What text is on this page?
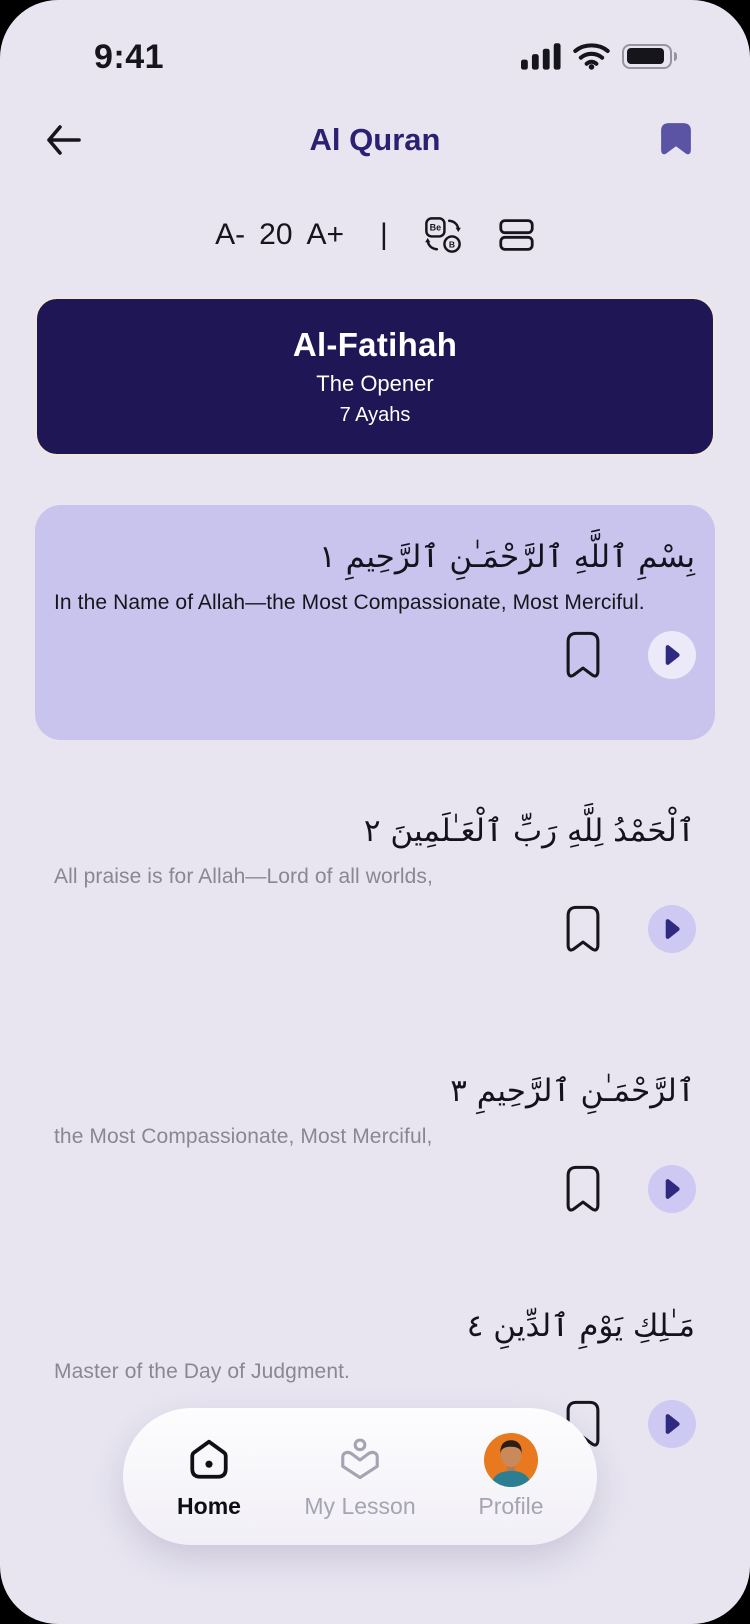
9:41
Al Quran
A- 20 A+ |	Be
B
Al-Fatihah
The Opener
7 Ayahs
بِسْمِ ٱللَّهِ ٱلرَّحْمَـٰنِ ٱلرَّحِيمِ ١
In the Name of Allah—the Most Compassionate, Most Merciful.
ٱلْحَمْدُ لِلَّهِ رَبِّ ٱلْعَـٰلَمِينَ ٢
All praise is for Allah—Lord of all worlds,
ٱلرَّحْمَـٰنِ ٱلرَّحِيمِ ٣
the Most Compassionate, Most Merciful,
مَـٰلِكِ يَوْمِ ٱلدِّينِ ٤
Master of the Day of Judgment.
Home	My Lesson	Profile
